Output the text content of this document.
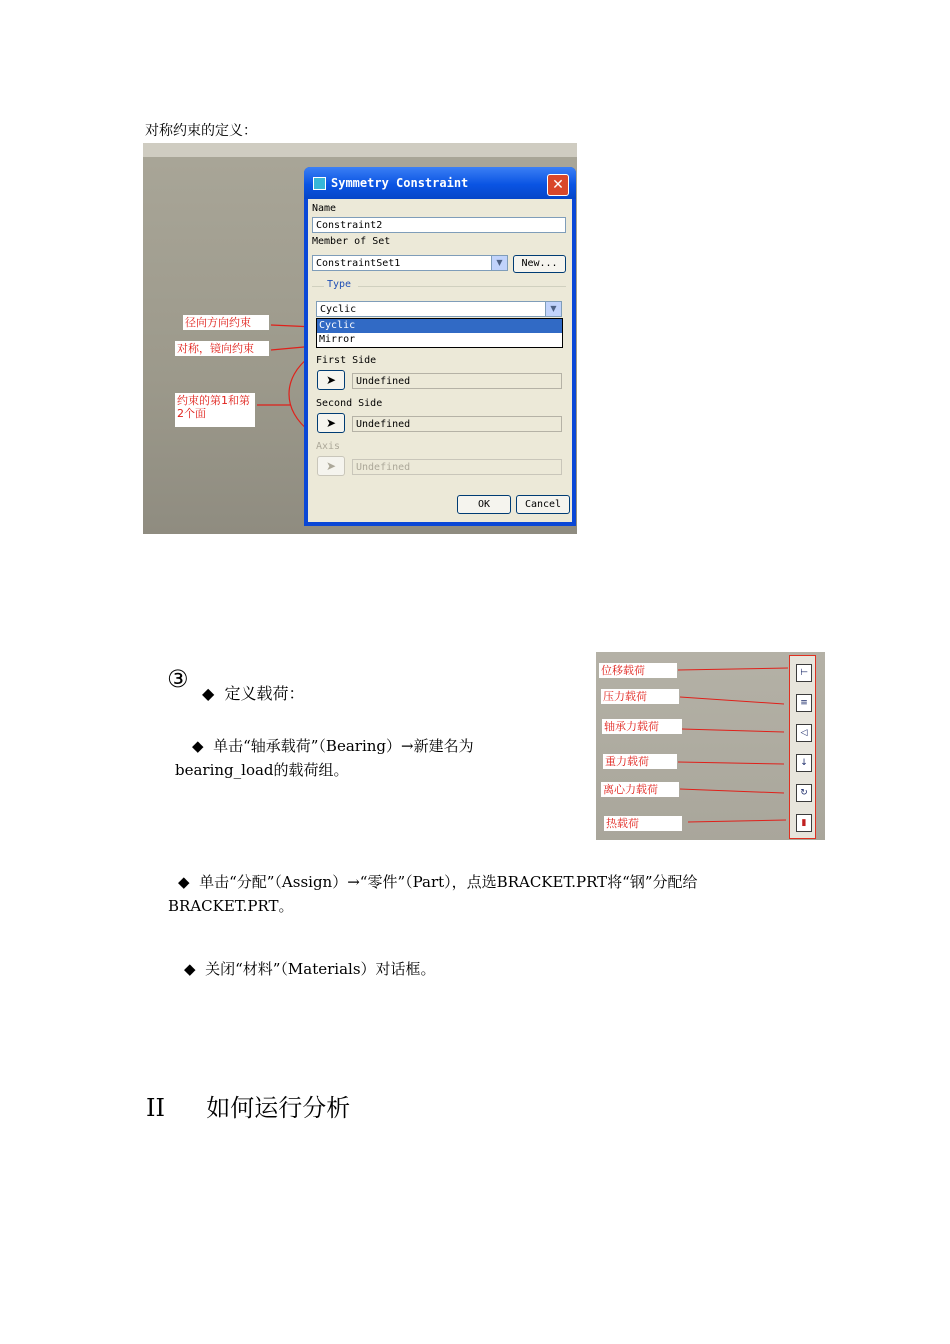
对称约束的定义：
径向方向约束
对称，镜向约束
约束的第1和第2个面
Symmetry Constraint	✕
Name
Constraint2
Member of Set
ConstraintSet1	▼	New...
Type
Cyclic	▼
Cyclic
Mirror
First Side
➤	Undefined
Second Side
➤	Undefined
Axis
➤	Undefined
OK	Cancel
③
◆ 定义载荷：
◆ 单击“轴承载荷”（Bearing）→新建名为bearing_load的载荷组。
位移载荷
压力载荷
轴承力载荷
重力载荷
离心力载荷
热载荷
⊢
≡
◁
↓
↻
▮
◆ 单击“分配”（Assign）→“零件”（Part），点选BRACKET.PRT将“钢”分配给BRACKET.PRT。
◆ 关闭“材料”（Materials）对话框。
II 如何运行分析
